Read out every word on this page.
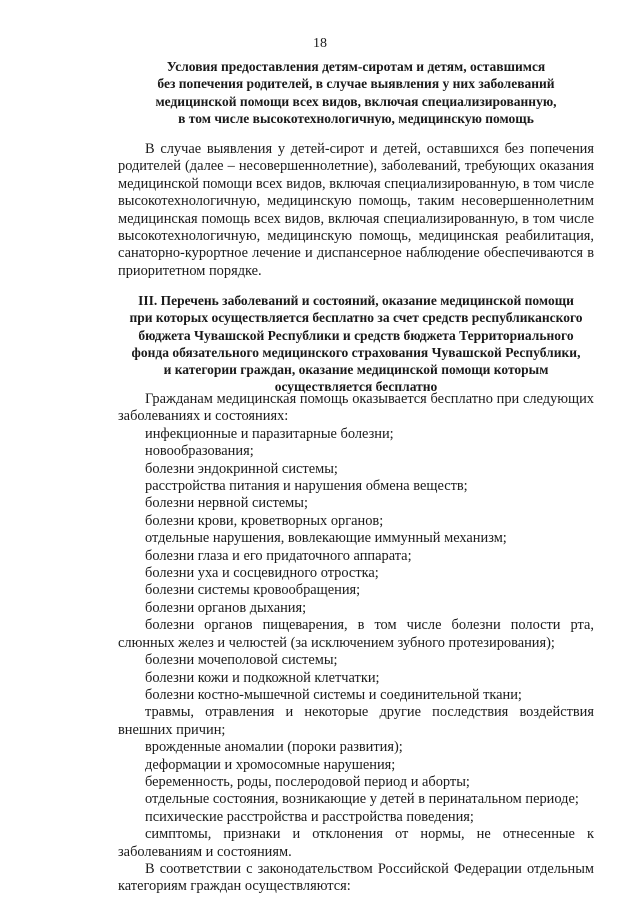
18
Условия предоставления детям-сиротам и детям, оставшимся
без попечения родителей, в случае выявления у них заболеваний
медицинской помощи всех видов, включая специализированную,
в том числе высокотехнологичную, медицинскую помощь

В случае выявления у детей-сирот и детей, оставшихся без попечения родителей (далее – несовершеннолетние), заболеваний, требующих оказания медицинской помощи всех видов, включая специализированную, в том числе высокотехнологичную, медицинскую помощь, таким несовершеннолетним медицинская помощь всех видов, включая специализированную, в том числе высокотехнологичную, медицинскую помощь, медицинская реабилитация, санаторно-курортное лечение и диспансерное наблюдение обеспечиваются в приоритетном порядке.

III. Перечень заболеваний и состояний, оказание медицинской помощи
при которых осуществляется бесплатно за счет средств республиканского
бюджета Чувашской Республики и средств бюджета Территориального
фонда обязательного медицинского страхования Чувашской Республики,
и категории граждан, оказание медицинской помощи которым
осуществляется бесплатно

Гражданам медицинская помощь оказывается бесплатно при следующих заболеваниях и состояниях:

инфекционные и паразитарные болезни;
новообразования;
болезни эндокринной системы;
расстройства питания и нарушения обмена веществ;
болезни нервной системы;
болезни крови, кроветворных органов;
отдельные нарушения, вовлекающие иммунный механизм;
болезни глаза и его придаточного аппарата;
болезни уха и сосцевидного отростка;
болезни системы кровообращения;
болезни органов дыхания;
болезни органов пищеварения, в том числе болезни полости рта, слюнных желез и челюстей (за исключением зубного протезирования);
болезни мочеполовой системы;
болезни кожи и подкожной клетчатки;
болезни костно-мышечной системы и соединительной ткани;
травмы, отравления и некоторые другие последствия воздействия внешних причин;
врожденные аномалии (пороки развития);
деформации и хромосомные нарушения;
беременность, роды, послеродовой период и аборты;
отдельные состояния, возникающие у детей в перинатальном периоде;
психические расстройства и расстройства поведения;
симптомы, признаки и отклонения от нормы, не отнесенные к заболеваниям и состояниям.

В соответствии с законодательством Российской Федерации отдельным категориям граждан осуществляются:
